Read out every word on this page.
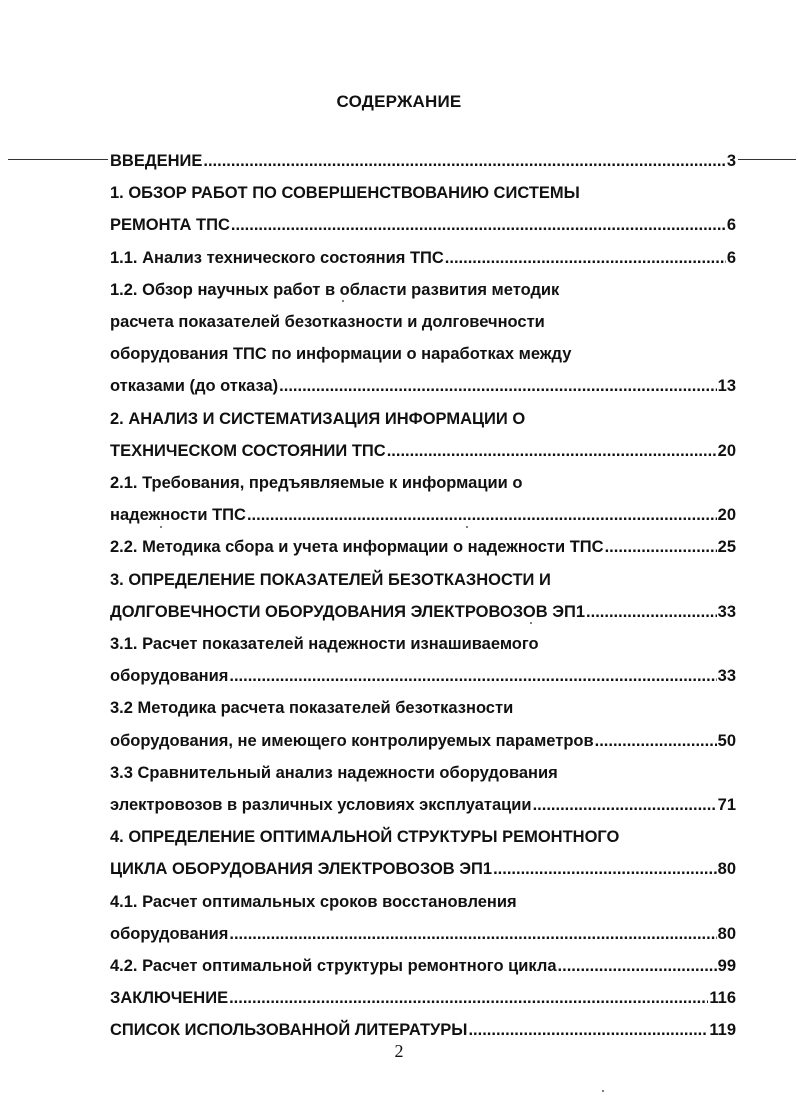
СОДЕРЖАНИЕ
ВВЕДЕНИЕ .....	3
1. ОБЗОР РАБОТ ПО СОВЕРШЕНСТВОВАНИЮ СИСТЕМЫ
РЕМОНТА ТПС .....	6
1.1. Анализ технического состояния ТПС .....	6
1.2. Обзор научных работ в области развития методик
расчета показателей безотказности и долговечности
оборудования ТПС по информации о наработках между
отказами (до отказа) .....	13
2. АНАЛИЗ И СИСТЕМАТИЗАЦИЯ ИНФОРМАЦИИ О
ТЕХНИЧЕСКОМ СОСТОЯНИИ ТПС .....	20
2.1. Требования, предъявляемые к информации о
надежности ТПС .....	20
2.2. Методика сбора и учета информации о надежности ТПС .....	25
3. ОПРЕДЕЛЕНИЕ ПОКАЗАТЕЛЕЙ БЕЗОТКАЗНОСТИ И
ДОЛГОВЕЧНОСТИ ОБОРУДОВАНИЯ ЭЛЕКТРОВОЗОВ ЭП1 .....	33
3.1. Расчет показателей надежности изнашиваемого
оборудования .....	33
3.2 Методика расчета показателей безотказности
оборудования, не имеющего контролируемых параметров .....	50
3.3 Сравнительный анализ надежности оборудования
электровозов в различных условиях эксплуатации .....	71
4. ОПРЕДЕЛЕНИЕ ОПТИМАЛЬНОЙ СТРУКТУРЫ РЕМОНТНОГО
ЦИКЛА ОБОРУДОВАНИЯ ЭЛЕКТРОВОЗОВ ЭП1 .....	80
4.1. Расчет оптимальных сроков восстановления
оборудования .....	80
4.2. Расчет оптимальной структуры ремонтного цикла .....	99
ЗАКЛЮЧЕНИЕ .....	116
СПИСОК ИСПОЛЬЗОВАННОЙ ЛИТЕРАТУРЫ .....	119
2
